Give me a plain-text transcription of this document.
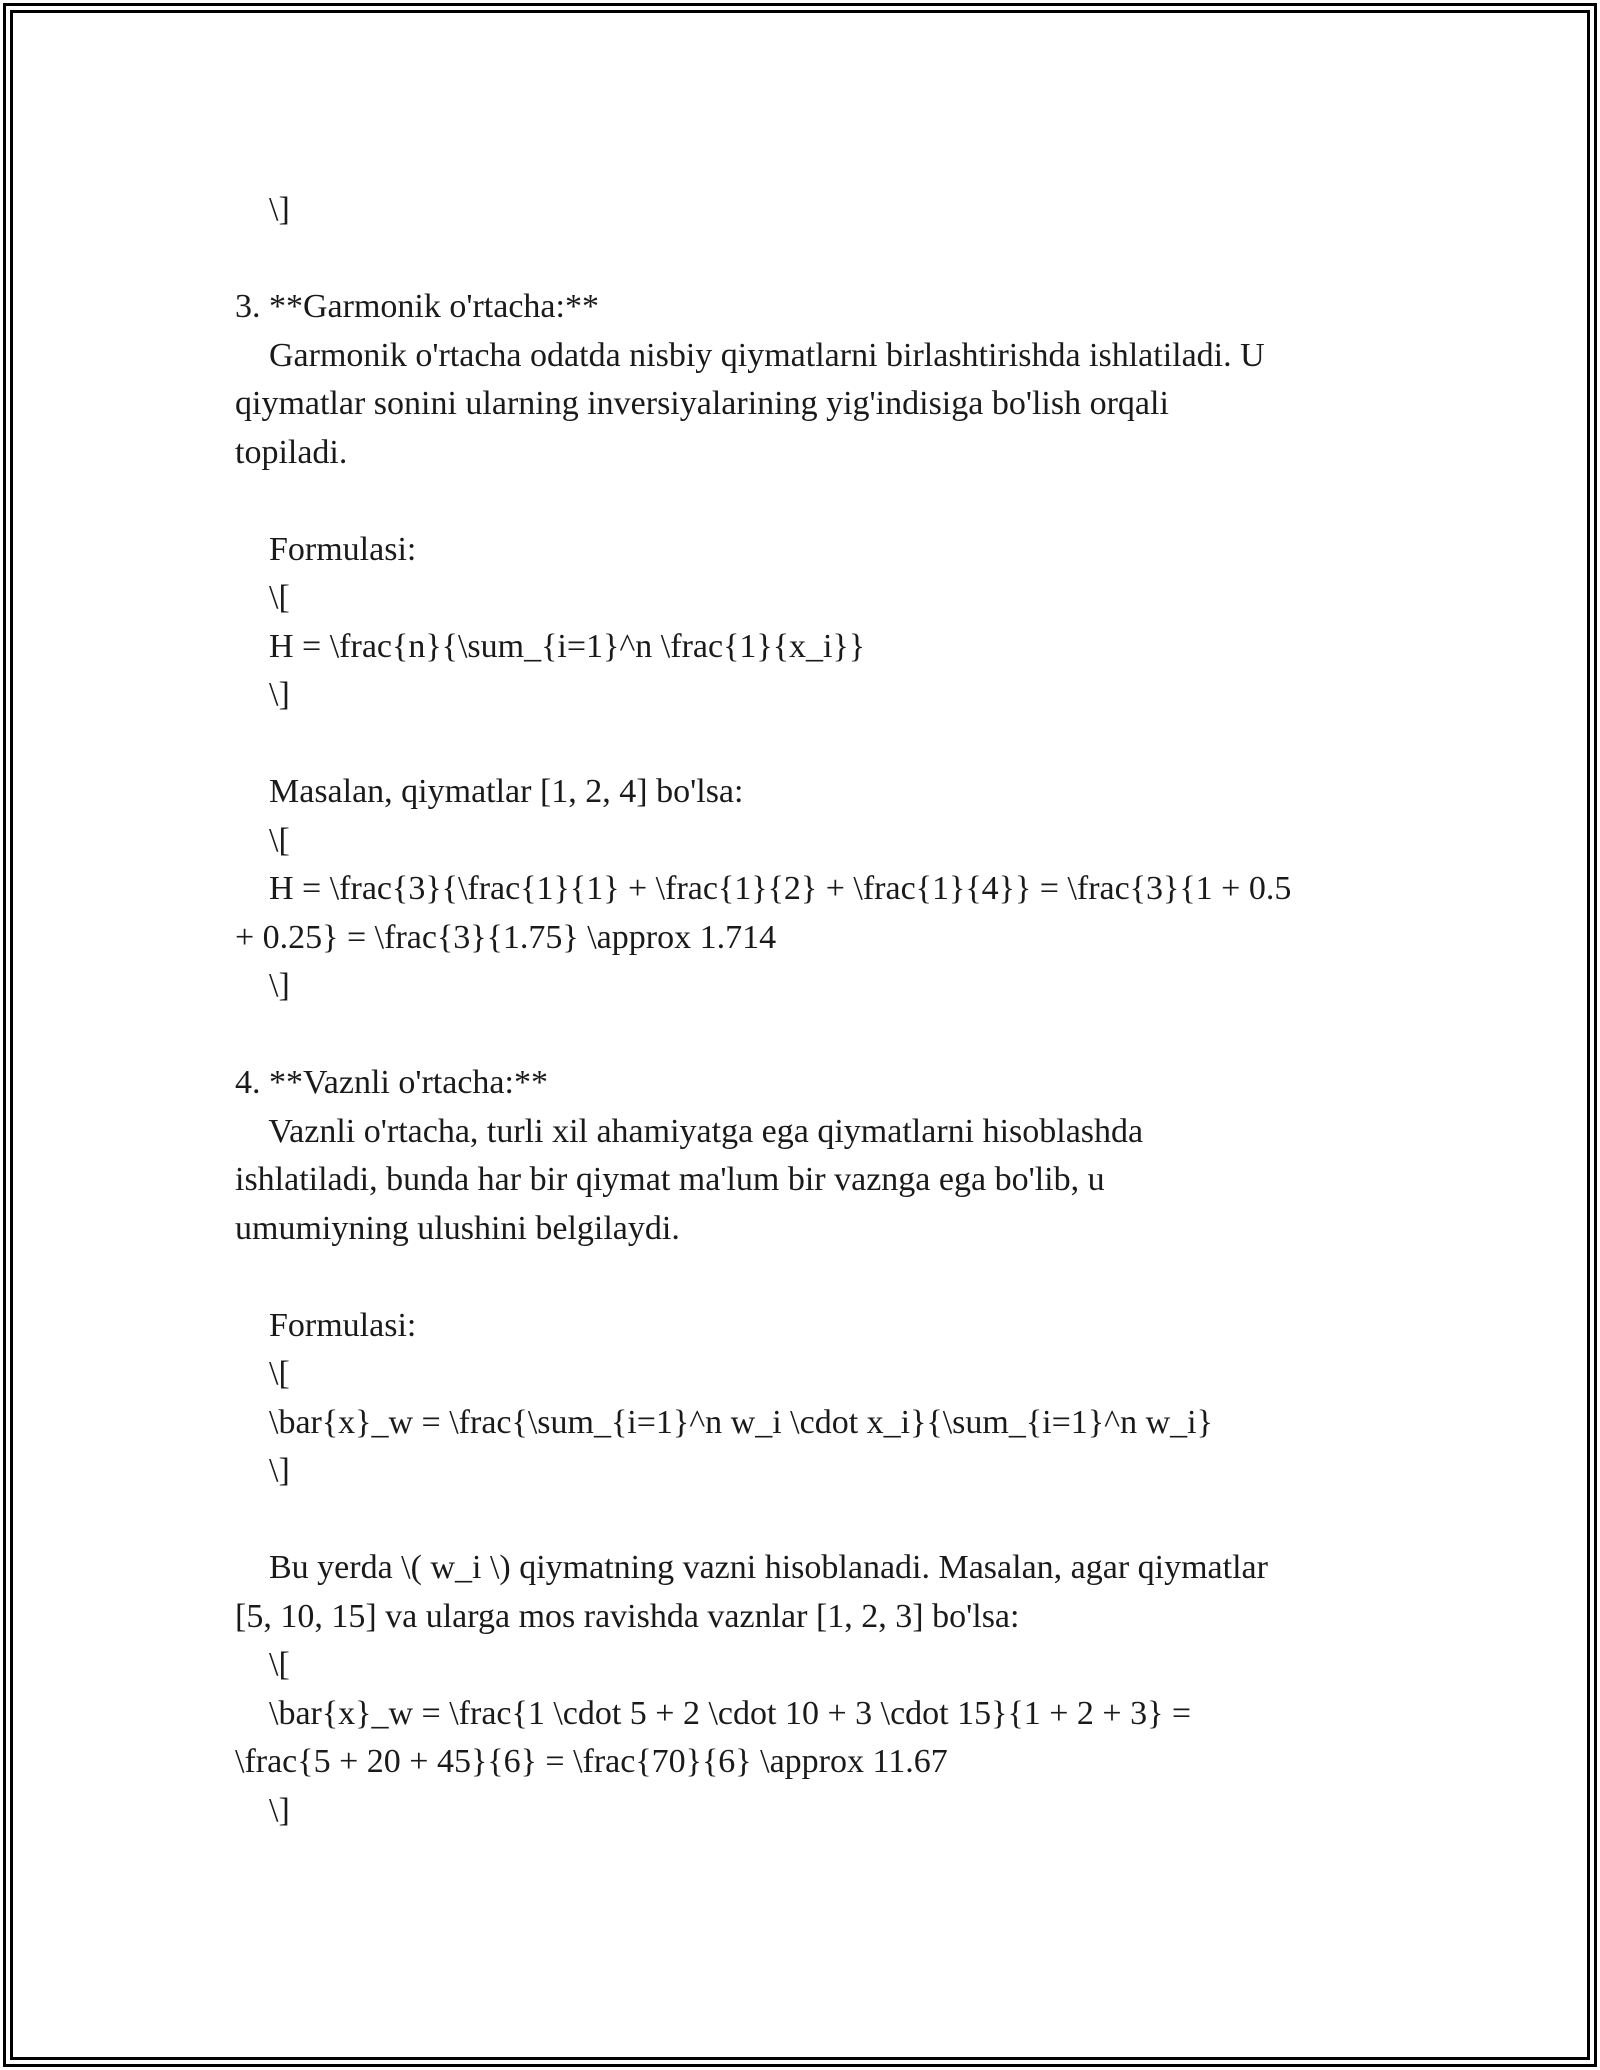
\]
3. **Garmonik o'rtacha:**
Garmonik o'rtacha odatda nisbiy qiymatlarni birlashtirishda ishlatiladi. U
qiymatlar sonini ularning inversiyalarining yig'indisiga bo'lish orqali
topiladi.
Formulasi:
\[
H = \frac{n}{\sum_{i=1}^n \frac{1}{x_i}}
\]
Masalan, qiymatlar [1, 2, 4] bo'lsa:
\[
H = \frac{3}{\frac{1}{1} + \frac{1}{2} + \frac{1}{4}} = \frac{3}{1 + 0.5
+ 0.25} = \frac{3}{1.75} \approx 1.714
\]
4. **Vaznli o'rtacha:**
Vaznli o'rtacha, turli xil ahamiyatga ega qiymatlarni hisoblashda
ishlatiladi, bunda har bir qiymat ma'lum bir vaznga ega bo'lib, u
umumiyning ulushini belgilaydi.
Formulasi:
\[
\bar{x}_w = \frac{\sum_{i=1}^n w_i \cdot x_i}{\sum_{i=1}^n w_i}
\]
Bu yerda \( w_i \) qiymatning vazni hisoblanadi. Masalan, agar qiymatlar
[5, 10, 15] va ularga mos ravishda vaznlar [1, 2, 3] bo'lsa:
\[
\bar{x}_w = \frac{1 \cdot 5 + 2 \cdot 10 + 3 \cdot 15}{1 + 2 + 3} =
\frac{5 + 20 + 45}{6} = \frac{70}{6} \approx 11.67
\]
